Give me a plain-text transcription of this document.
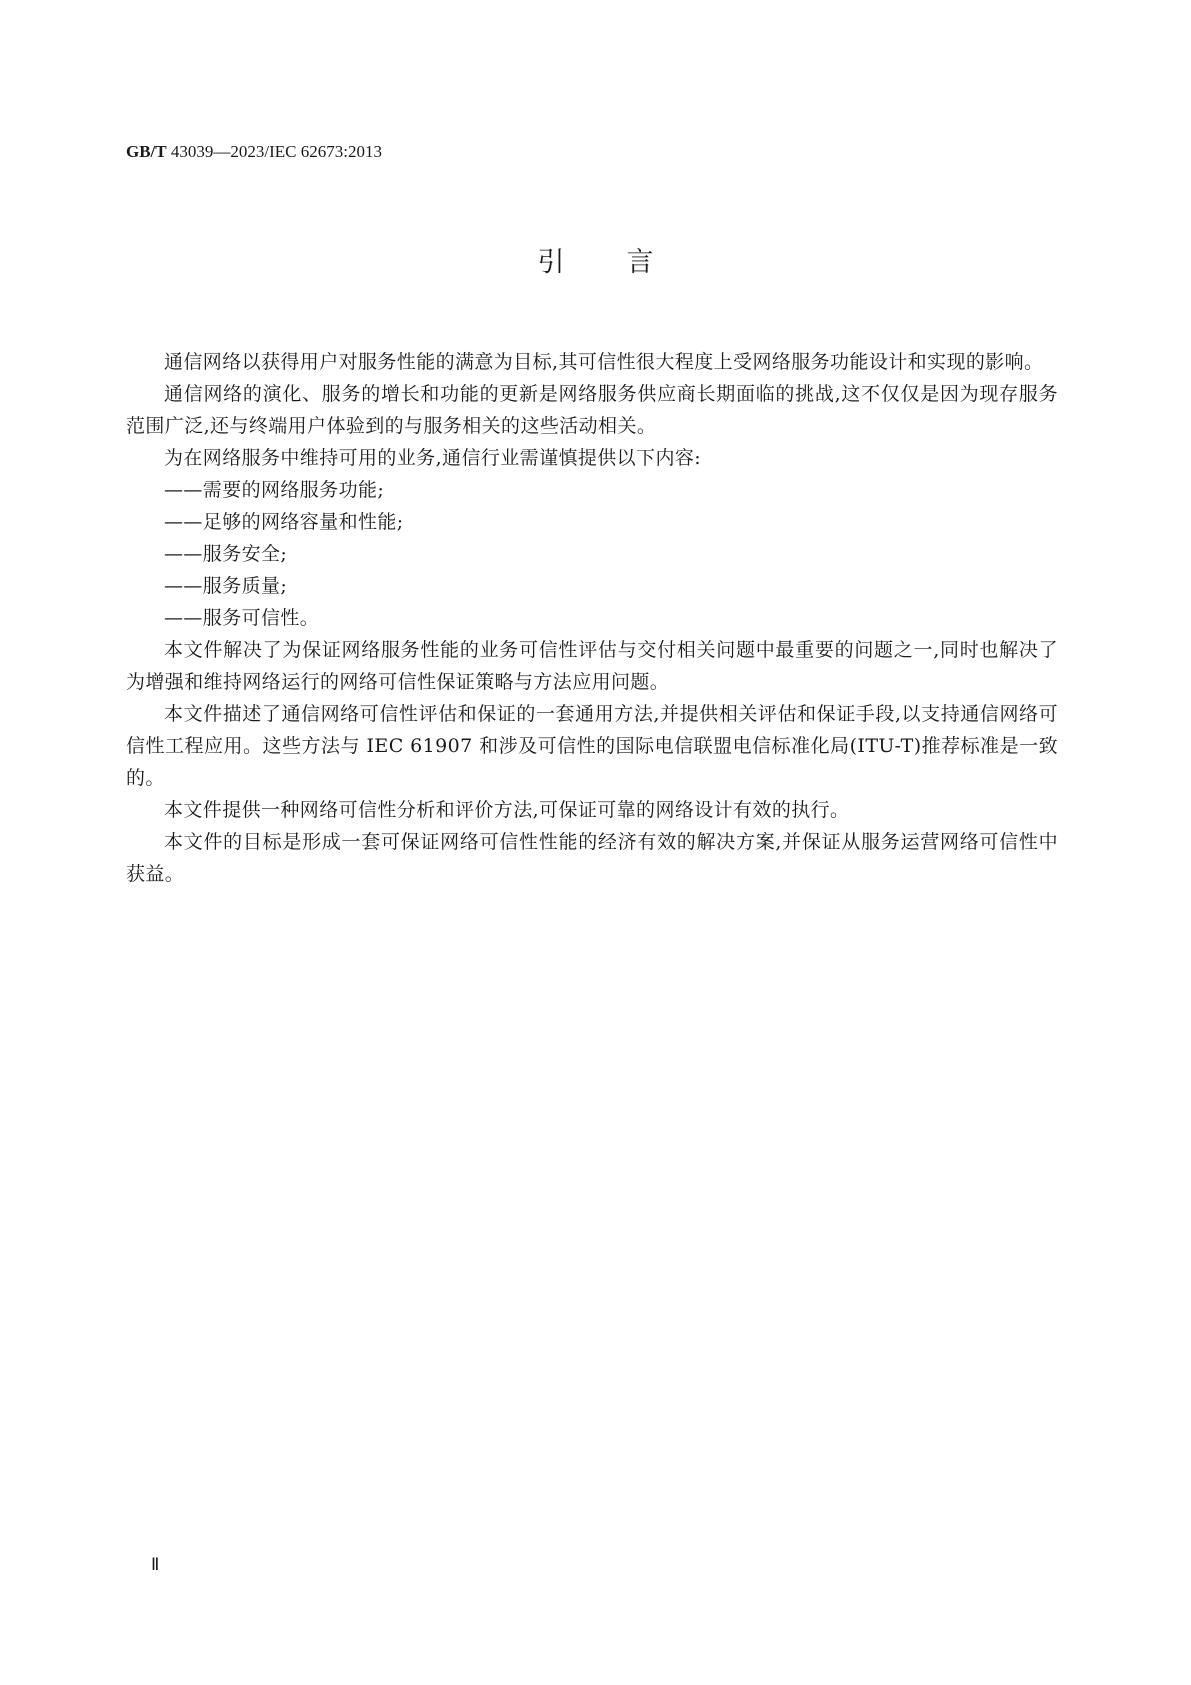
GB/T 43039—2023/IEC 62673:2013
引言

通信网络以获得用户对服务性能的满意为目标,其可信性很大程度上受网络服务功能设计和实现的影响。

通信网络的演化、服务的增长和功能的更新是网络服务供应商长期面临的挑战,这不仅仅是因为现存服务范围广泛,还与终端用户体验到的与服务相关的这些活动相关。

为在网络服务中维持可用的业务,通信行业需谨慎提供以下内容:

——需要的网络服务功能;

——足够的网络容量和性能;

——服务安全;

——服务质量;

——服务可信性。

本文件解决了为保证网络服务性能的业务可信性评估与交付相关问题中最重要的问题之一,同时也解决了为增强和维持网络运行的网络可信性保证策略与方法应用问题。

本文件描述了通信网络可信性评估和保证的一套通用方法,并提供相关评估和保证手段,以支持通信网络可信性工程应用。这些方法与 IEC 61907 和涉及可信性的国际电信联盟电信标准化局(ITU-T)推荐标准是一致的。

本文件提供一种网络可信性分析和评价方法,可保证可靠的网络设计有效的执行。

本文件的目标是形成一套可保证网络可信性性能的经济有效的解决方案,并保证从服务运营网络可信性中获益。

Ⅱ
